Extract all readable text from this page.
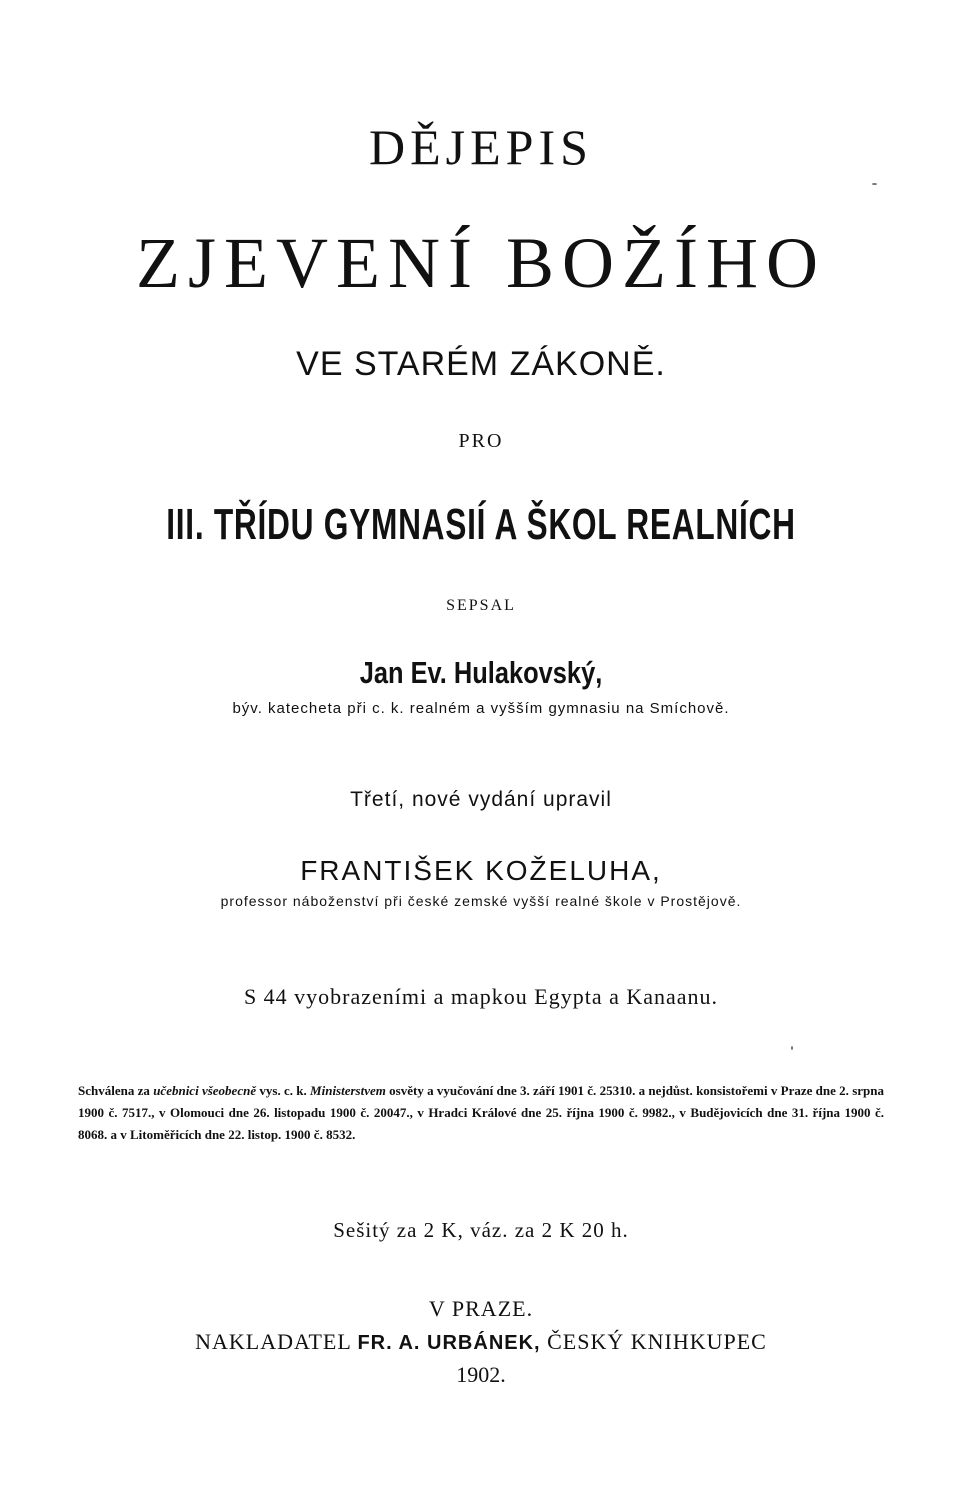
DĚJEPIS

ZJEVENÍ BOŽÍHO

VE STARÉM ZÁKONĚ.

PRO

III. TŘÍDU GYMNASIÍ A ŠKOL REALNÍCH

SEPSAL

Jan Ev. Hulakovský,

býv. katecheta při c. k. realném a vyšším gymnasiu na Smíchově.

Třetí, nové vydání upravil

FRANTIŠEK KOŽELUHA,

professor náboženství při české zemské vyšší realné škole v Prostějově.

S 44 vyobrazeními a mapkou Egypta a Kanaanu.

Schválena za učebnici všeobecně vys. c. k. Ministerstvem osvěty a vyučování dne 3. září 1901 č. 25310. a nejdůst. konsistořemi v Praze dne 2. srpna 1900 č. 7517., v Olomouci dne 26. listopadu 1900 č. 20047., v Hradci Králové dne 25. října 1900 č. 9982., v Budějovicích dne 31. října 1900 č. 8068. a v Litoměřicích dne 22. listop. 1900 č. 8532.

Sešitý za 2 K, váz. za 2 K 20 h.

V PRAZE.

NAKLADATEL FR. A. URBÁNEK, ČESKÝ KNIHKUPEC

1902.
